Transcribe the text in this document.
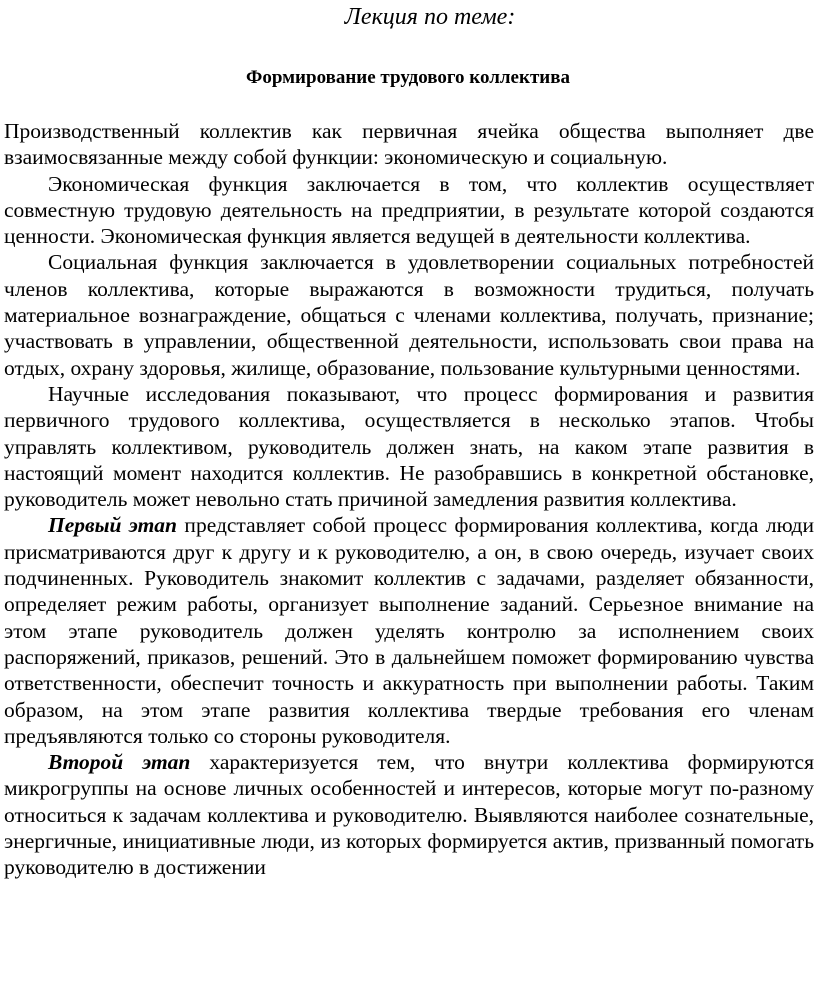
Лекция по теме:
Формирование трудового коллектива

Производственный коллектив как первичная ячейка общества выполняет две взаимосвязанные между собой функции: экономическую и социальную.

Экономическая функция заключается в том, что коллектив осуществляет совместную трудовую деятельность на предприятии, в результате которой создаются ценности. Экономическая функция является ведущей в деятельности коллектива.

Социальная функция заключается в удовлетворении социальных потребностей членов коллектива, которые выражаются в возможности трудиться, получать материальное вознаграждение, общаться с членами коллектива, получать, признание; участвовать в управлении, общественной деятельности, использовать свои права на отдых, охрану здоровья, жилище, образование, пользование культурными ценностями.

Научные исследования показывают, что процесс формирования и развития первичного трудового коллектива, осуществляется в несколько этапов. Чтобы управлять коллективом, руководитель должен знать, на каком этапе развития в настоящий момент находится коллектив. Не разобравшись в конкретной обстановке, руководитель может невольно стать причиной замедления развития коллектива.

Первый этап представляет собой процесс формирования коллектива, когда люди присматриваются друг к другу и к руководителю, а он, в свою очередь, изучает своих подчиненных. Руководитель знакомит коллектив с задачами, разделяет обязанности, определяет режим работы, организует выполнение заданий. Серьезное внимание на этом этапе руководитель должен уделять контролю за исполнением своих распоряжений, приказов, решений. Это в дальнейшем поможет формированию чувства ответственности, обеспечит точность и аккуратность при выполнении работы. Таким образом, на этом этапе развития коллектива твердые требования его членам предъявляются только со стороны руководителя.

Второй этап характеризуется тем, что внутри коллектива формируются микрогруппы на основе личных особенностей и интересов, которые могут по-разному относиться к задачам коллектива и руководителю. Выявляются наиболее сознательные, энергичные, инициативные люди, из которых формируется актив, призванный помогать руководителю в достижении
